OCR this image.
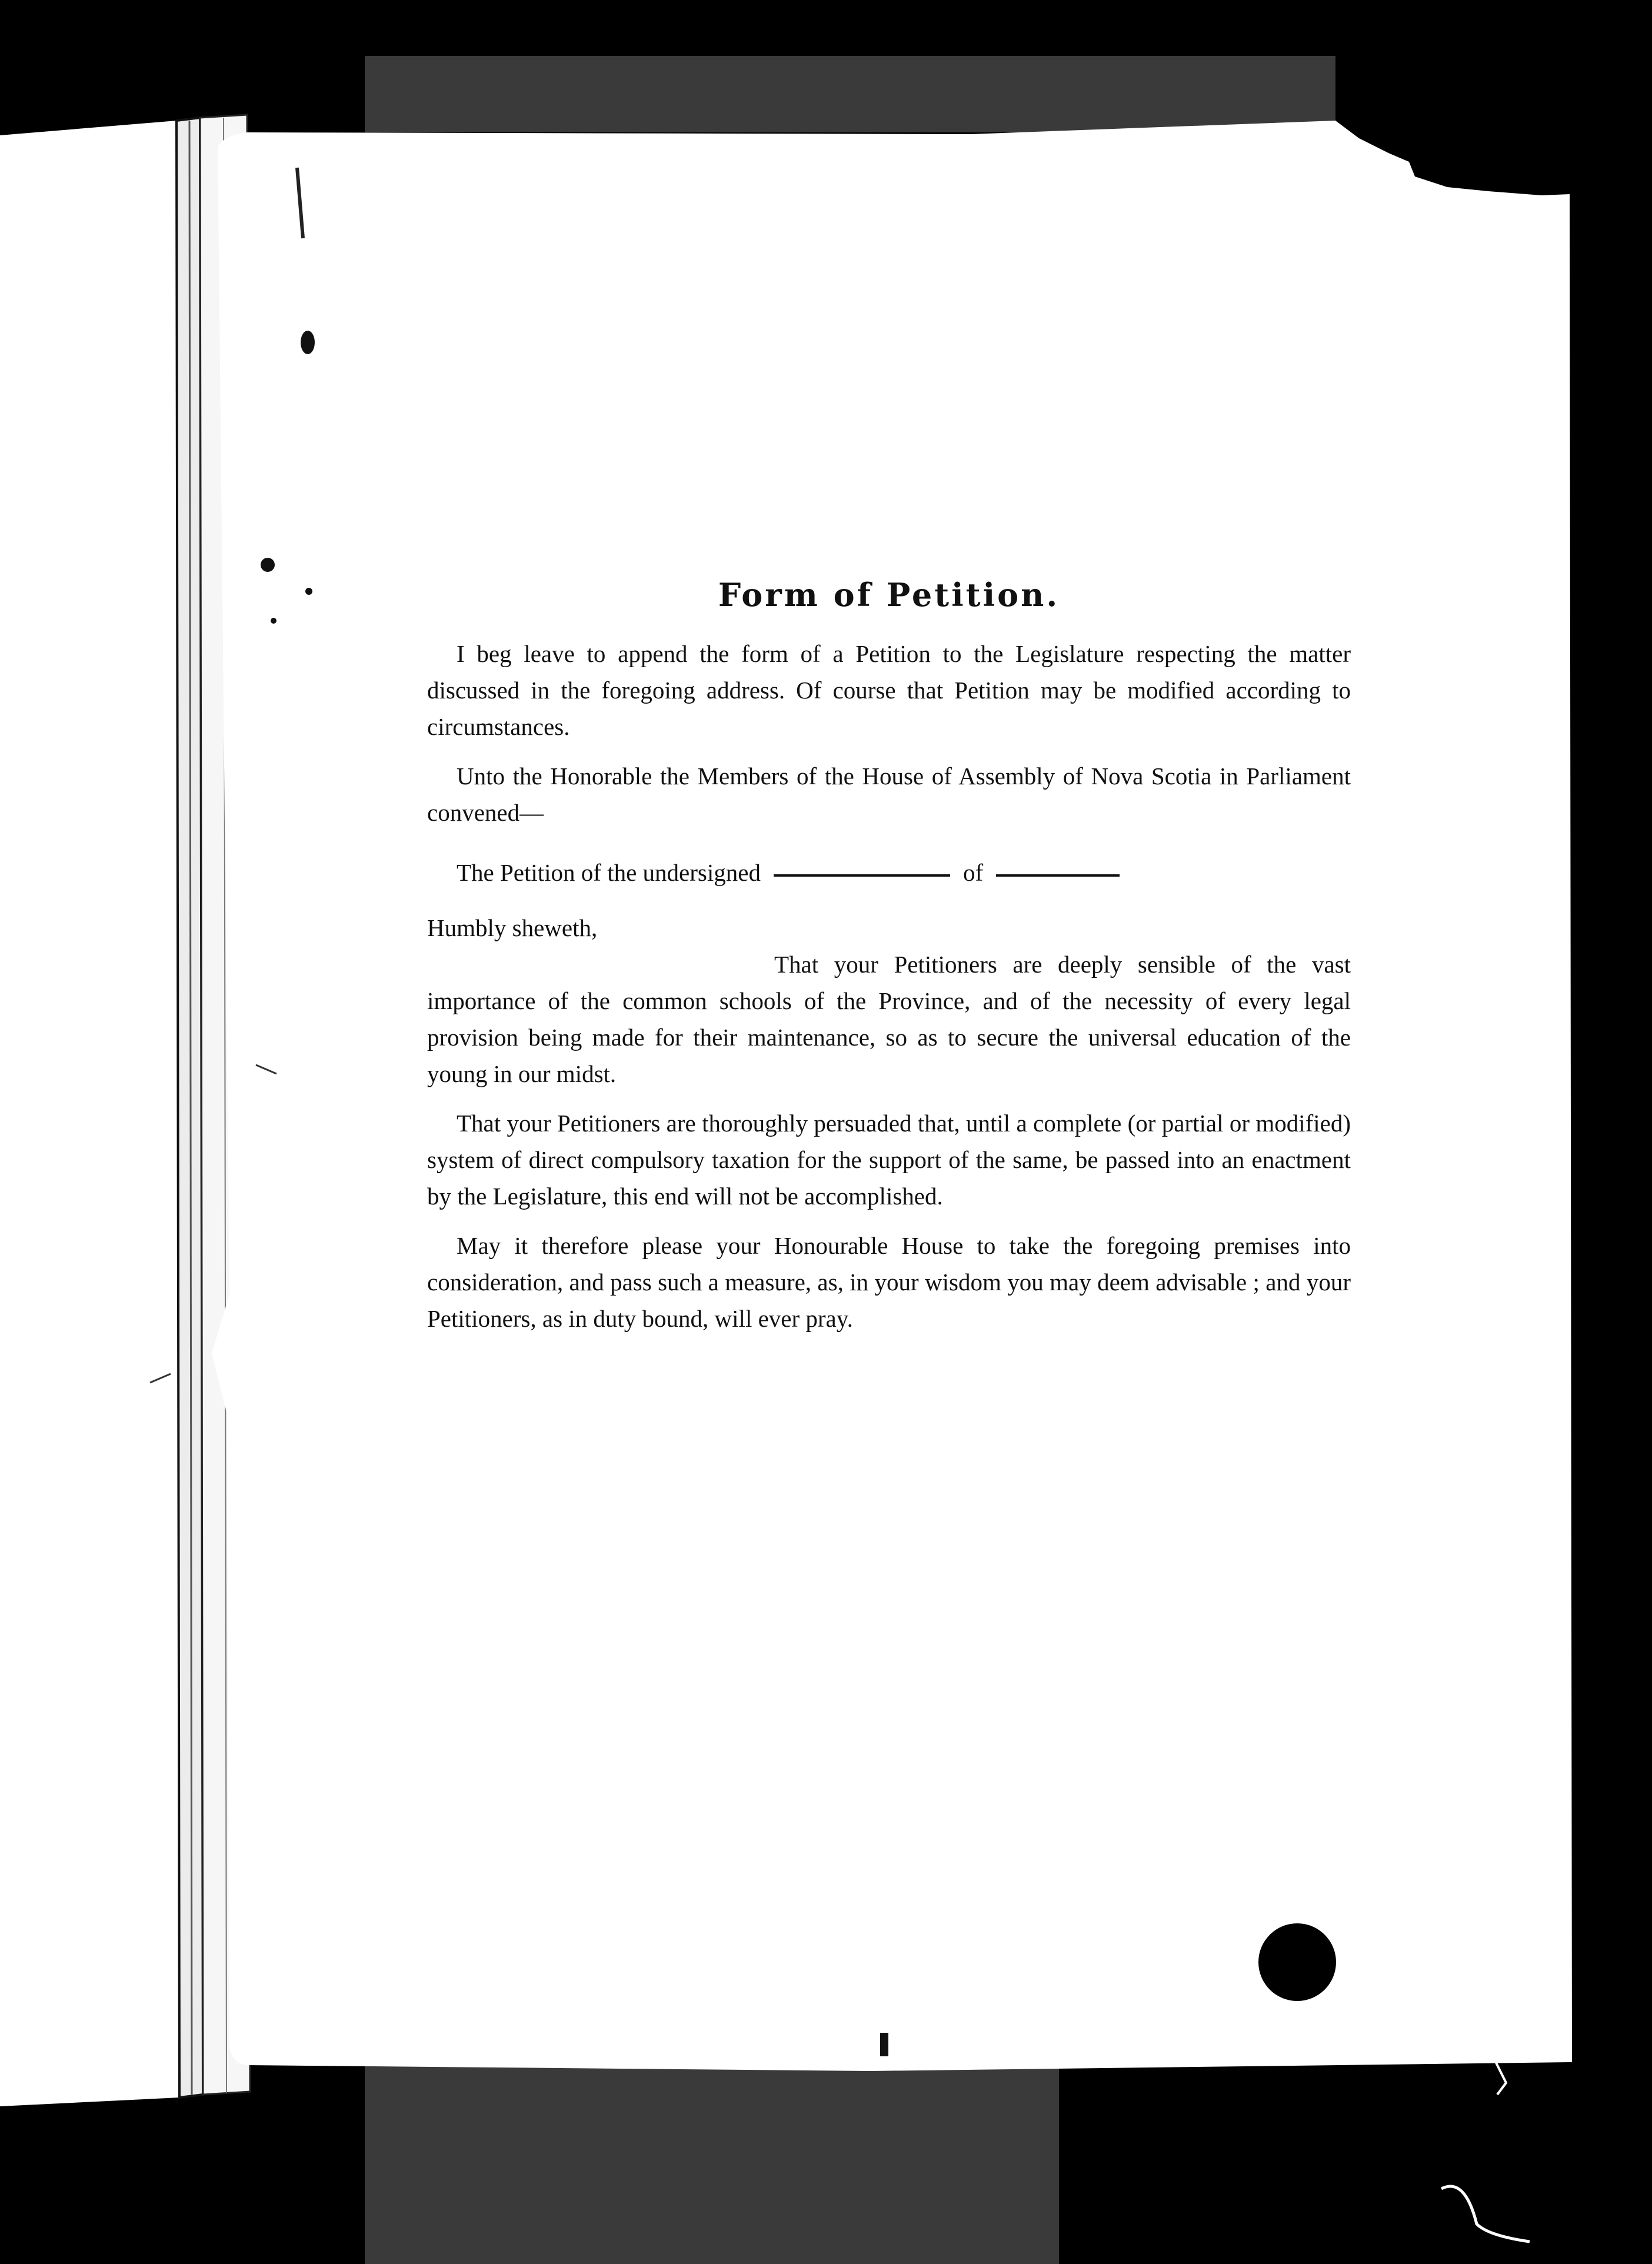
Form of Petition.

I beg leave to append the form of a Petition to the Legislature respecting the matter discussed in the foregoing address. Of course that Petition may be modified according to circumstances.

Unto the Honorable the Members of the House of Assembly of Nova Scotia in Parliament convened—

The Petition of the undersigned	of

Humbly sheweth,

That your Petitioners are deeply sensible of the vast importance of the common schools of the Province, and of the necessity of every legal provision being made for their maintenance, so as to secure the universal education of the young in our midst.

That your Petitioners are thoroughly persuaded that, until a complete (or partial or modified) system of direct compulsory taxation for the support of the same, be passed into an enactment by the Legislature, this end will not be accomplished.

May it therefore please your Honourable House to take the foregoing premises into consideration, and pass such a measure, as, in your wisdom you may deem advisable ; and your Petitioners, as in duty bound, will ever pray.
